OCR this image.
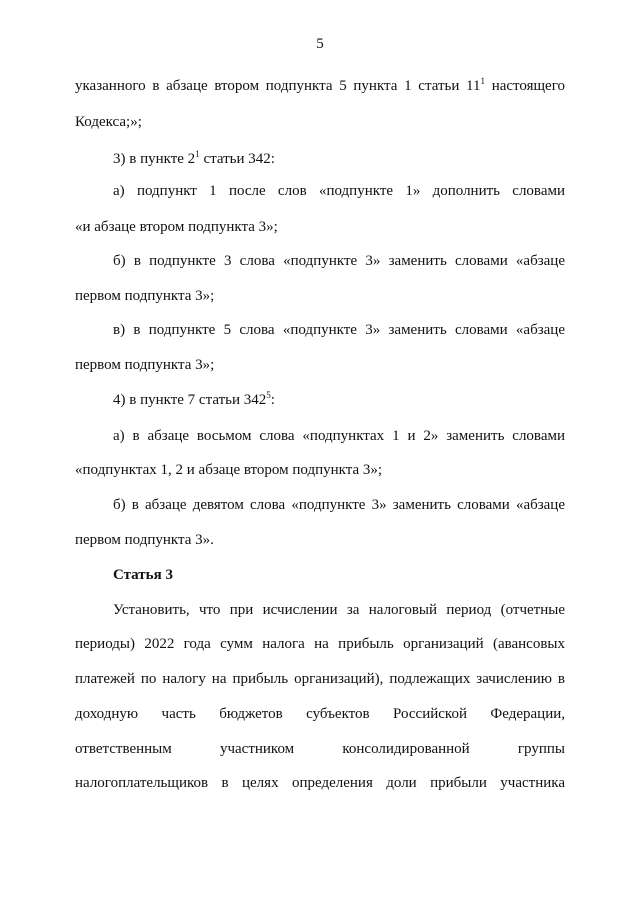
5
указанного в абзаце втором подпункта 5 пункта 1 статьи $11^1$ настоящего
Кодекса;»;
3) в пункте $2^1$ статьи 342:
а) подпункт 1 после слов «подпункте 1» дополнить словами
«и абзаце втором подпункта 3»;
б) в подпункте 3 слова «подпункте 3» заменить словами «абзаце
первом подпункта 3»;
в) в подпункте 5 слова «подпункте 3» заменить словами «абзаце
первом подпункта 3»;
4) в пункте 7 статьи $342^5$:
а) в абзаце восьмом слова «подпунктах 1 и 2» заменить словами
«подпунктах 1, 2 и абзаце втором подпункта 3»;
б) в абзаце девятом слова «подпункте 3» заменить словами «абзаце
первом подпункта 3».
Статья 3
Установить, что при исчислении за налоговый период (отчетные
периоды) 2022 года сумм налога на прибыль организаций (авансовых
платежей по налогу на прибыль организаций), подлежащих зачислению в
доходную часть бюджетов субъектов Российской Федерации,
ответственным участником консолидированной группы
налогоплательщиков в целях определения доли прибыли участника
